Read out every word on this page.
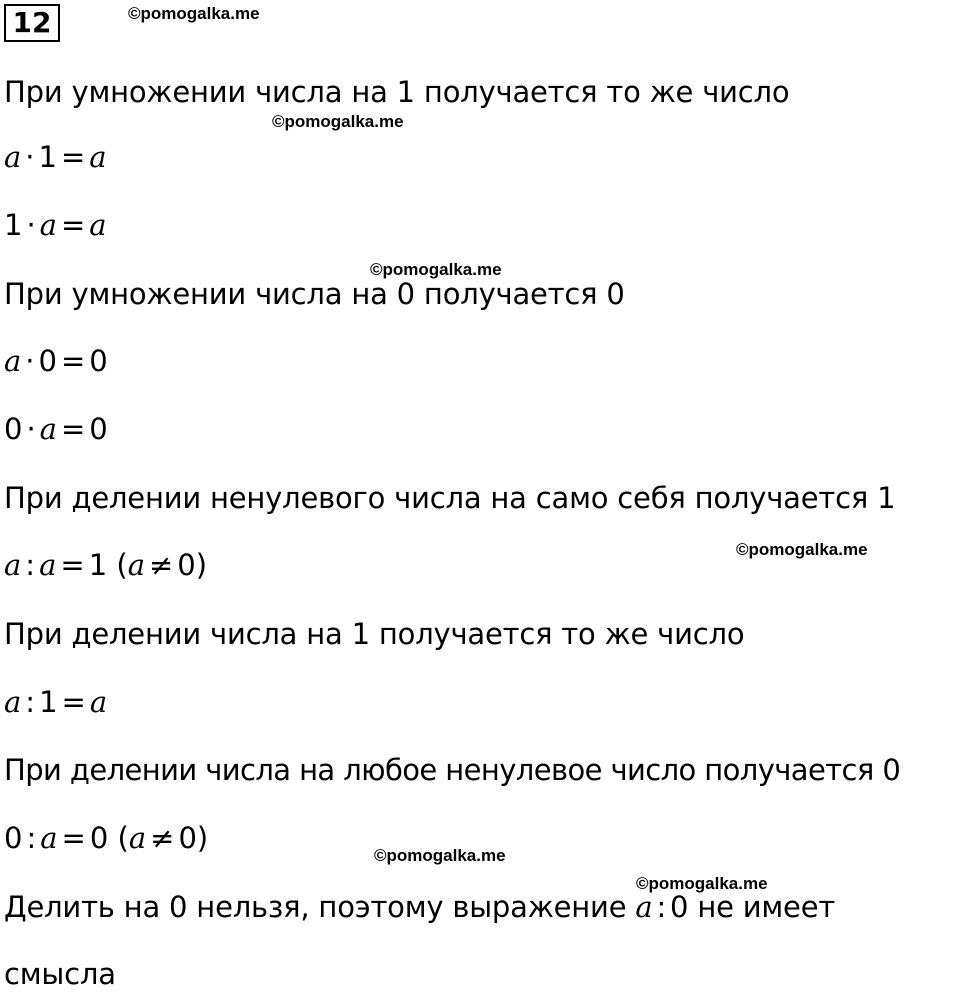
12	©pomogalka.me
©pomogalka.me
©pomogalka.me
©pomogalka.me
©pomogalka.me
©pomogalka.me
При умножении числа на 1 получается то же число
a · 1 = a
1 · a = a
При умножении числа на 0 получается 0
a · 0 = 0
0 · a = 0
При делении ненулевого числа на само себя получается 1
a : a = 1 (a ≠ 0)
При делении числа на 1 получается то же число
a : 1 = a
При делении числа на любое ненулевое число получается 0
0 : a = 0 (a ≠ 0)
Делить на 0 нельзя, поэтому выражение a : 0 не имеет
смысла
